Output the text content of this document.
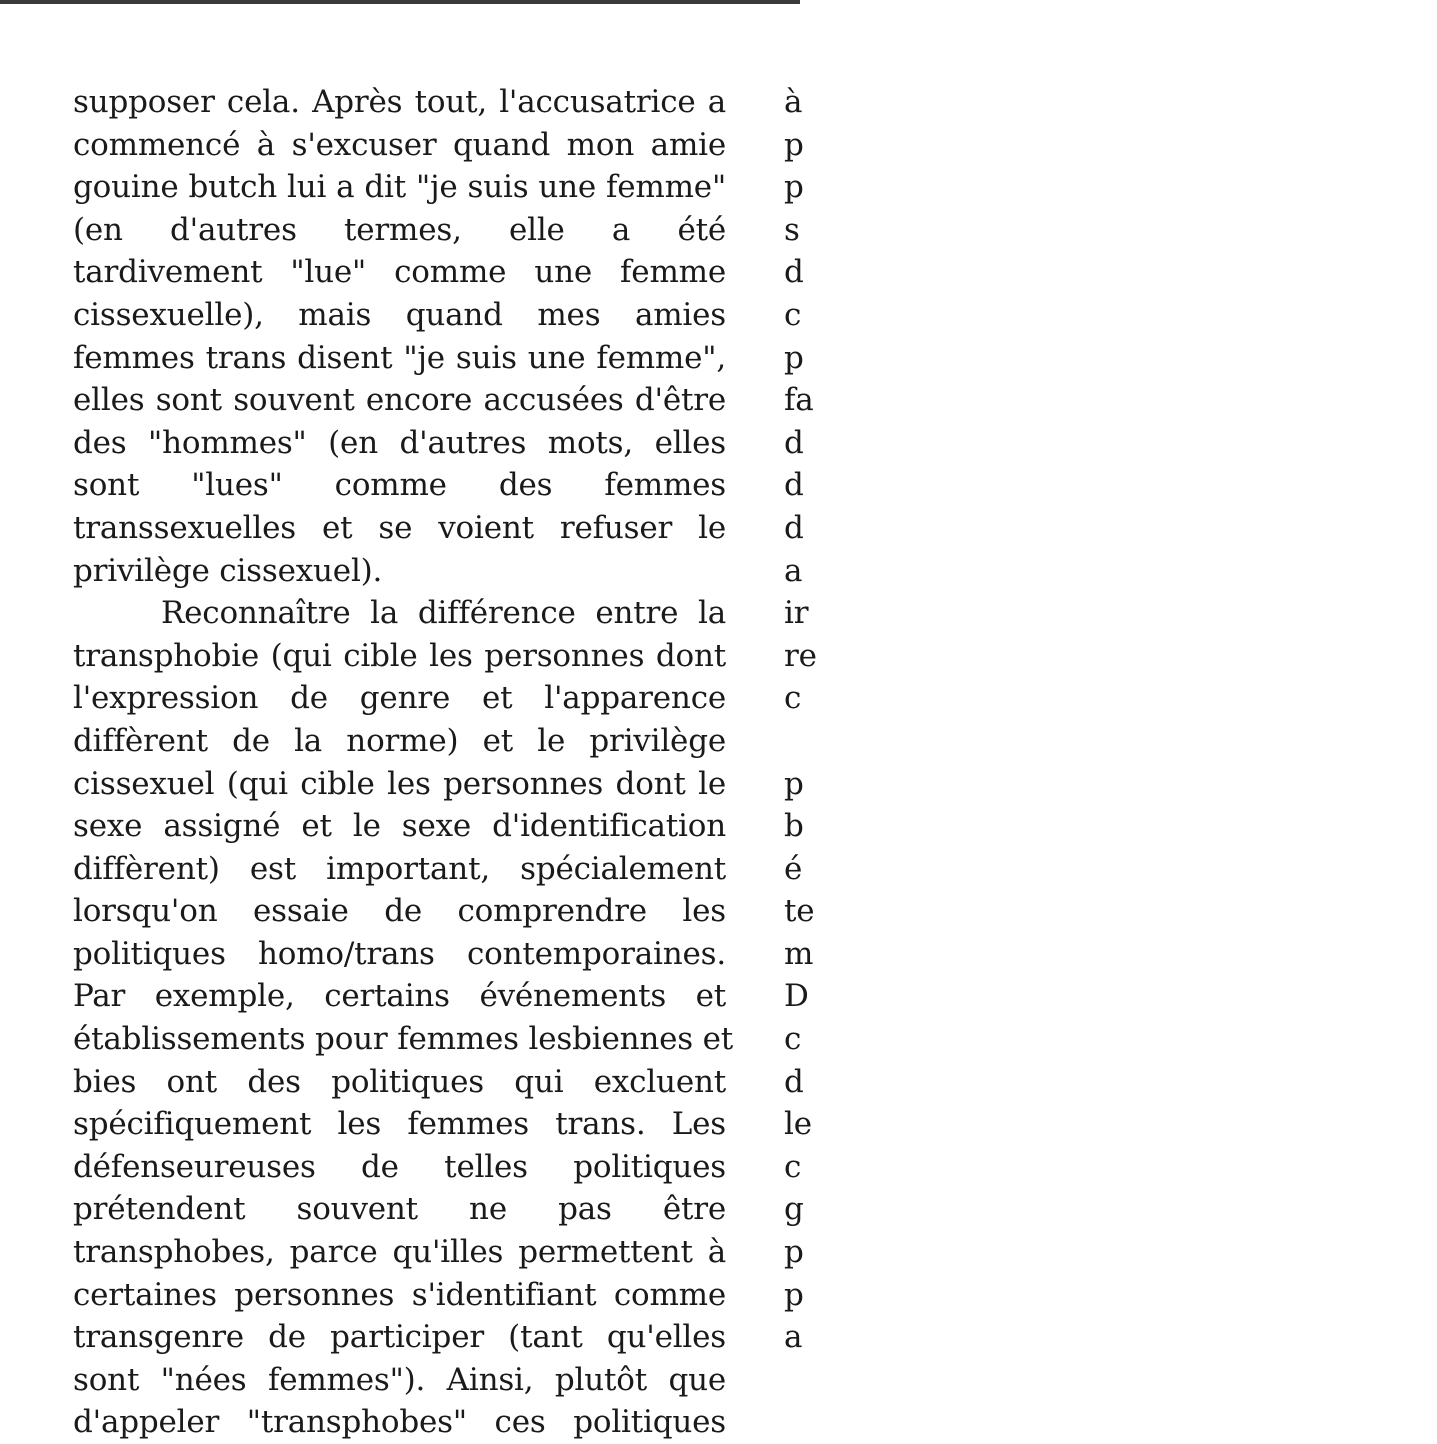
supposer cela. Après tout, l'accusatrice a
commencé à s'excuser quand mon amie
gouine butch lui a dit "je suis une femme"
(en d'autres termes, elle a été
tardivement "lue" comme une femme
cissexuelle), mais quand mes amies
femmes trans disent "je suis une femme",
elles sont souvent encore accusées d'être
des "hommes" (en d'autres mots, elles
sont "lues" comme des femmes
transsexuelles et se voient refuser le
privilège cissexuel).
Reconnaître la différence entre la
transphobie (qui cible les personnes dont
l'expression de genre et l'apparence
diffèrent de la norme) et le privilège
cissexuel (qui cible les personnes dont le
sexe assigné et le sexe d'identification
diffèrent) est important, spécialement
lorsqu'on essaie de comprendre les
politiques homo/trans contemporaines.
Par exemple, certains événements et
établissements pour femmes lesbiennes et
bies ont des politiques qui excluent
spécifiquement les femmes trans. Les
défenseureuses de telles politiques
prétendent souvent ne pas être
transphobes, parce qu'illes permettent à
certaines personnes s'identifiant comme
transgenre de participer (tant qu'elles
sont "nées femmes"). Ainsi, plutôt que
d'appeler "transphobes" ces politiques
à
p
p
s
d
c
p
fa
d
d
d
a
ir
re
c
p
b
é
te
m
D
c
d
le
c
g
p
p
a
